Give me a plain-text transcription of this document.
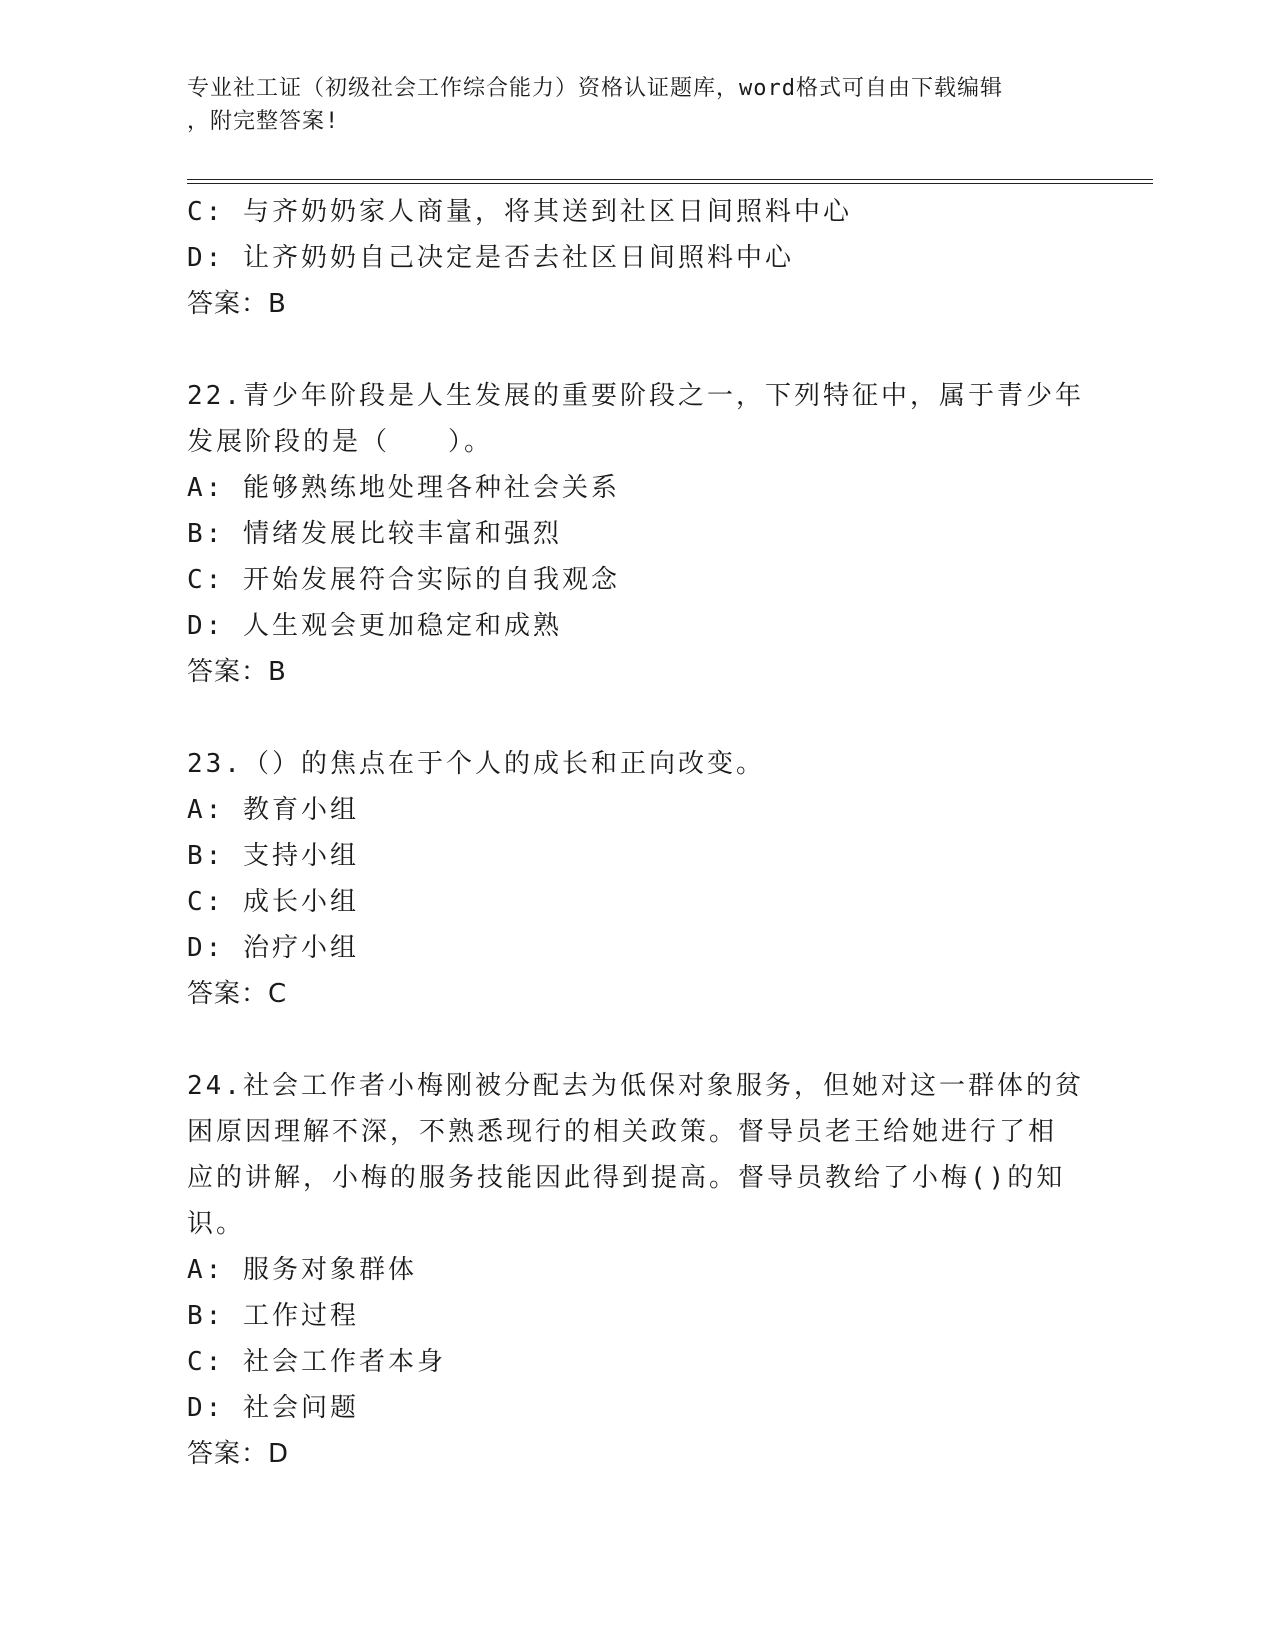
专业社工证（初级社会工作综合能力）资格认证题库，word格式可自由下载编辑
，附完整答案!
C: 与齐奶奶家人商量，将其送到社区日间照料中心
D: 让齐奶奶自己决定是否去社区日间照料中心
答案：B
22.青少年阶段是人生发展的重要阶段之一，下列特征中，属于青少年
发展阶段的是（　　）。
A: 能够熟练地处理各种社会关系
B: 情绪发展比较丰富和强烈
C: 开始发展符合实际的自我观念
D: 人生观会更加稳定和成熟
答案：B
23.（）的焦点在于个人的成长和正向改变。
A: 教育小组
B: 支持小组
C: 成长小组
D: 治疗小组
答案：C
24.社会工作者小梅刚被分配去为低保对象服务，但她对这一群体的贫
困原因理解不深，不熟悉现行的相关政策。督导员老王给她进行了相
应的讲解，小梅的服务技能因此得到提高。督导员教给了小梅()的知
识。
A: 服务对象群体
B: 工作过程
C: 社会工作者本身
D: 社会问题
答案：D
